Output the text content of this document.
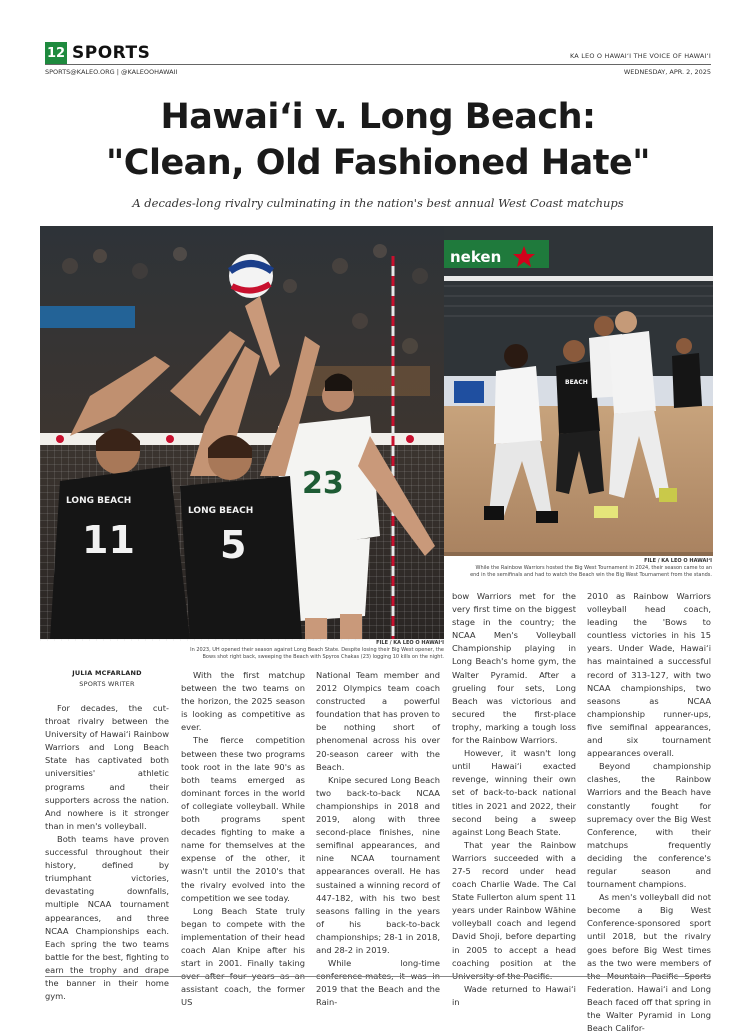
12 SPORTS	KA LEO O HAWAIʻI THE VOICE OF HAWAIʻI
SPORTS@KALEO.ORG | @KALEOOHAWAII	WEDNESDAY, APR. 2, 2025
Hawaiʻi v. Long Beach:
"Clean, Old Fashioned Hate"
A decades-long rivalry culminating in the nation's best annual West Coast matchups
23
LONG BEACH
11
LONG BEACH
5
FILE / KA LEO O HAWAIʻI
In 2023, UH opened their season against Long Beach State. Despite losing their Big West opener, the
Bows shot right back, sweeping the Beach with Spyros Chakas (23) logging 10 kills on the night.
neken
BEACH
FILE / KA LEO O HAWAIʻI
While the Rainbow Warriors hosted the Big West Tournament in 2024, their season came to an
end in the semifinals and had to watch the Beach win the Big West Tournament from the stands.
JULIA MCFARLAND
SPORTS WRITER

For decades, the cut-throat rivalry between the University of Hawaiʻi Rainbow Warriors and Long Beach State has captivated both universities' athletic programs and their supporters across the nation. And nowhere is it stronger than in men's volleyball.

Both teams have proven successful throughout their history, defined by triumphant victories, devastating downfalls, multiple NCAA tournament appearances, and three NCAA Championships each. Each spring the two teams battle for the best, fighting to earn the trophy and drape the banner in their home gym.

With the first matchup between the two teams on the horizon, the 2025 season is looking as competitive as ever.

The fierce competition between these two programs took root in the late 90's as both teams emerged as dominant forces in the world of collegiate volleyball. While both programs spent decades fighting to make a name for themselves at the expense of the other, it wasn't until the 2010's that the rivalry evolved into the competition we see today.

Long Beach State truly began to compete with the implementation of their head coach Alan Knipe after his start in 2001. Finally taking over after four years as an assistant coach, the former US

National Team member and 2012 Olympics team coach constructed a powerful foundation that has proven to be nothing short of phenomenal across his over 20-season career with the Beach.

Knipe secured Long Beach two back-to-back NCAA championships in 2018 and 2019, along with three second-place finishes, nine semifinal appearances, and nine NCAA tournament appearances overall. He has sustained a winning record of 447-182, with his two best seasons falling in the years of his back-to-back championships; 28-1 in 2018, and 28-2 in 2019.

While long-time conference-mates, it was in 2019 that the Beach and the Rain-

bow Warriors met for the very first time on the biggest stage in the country; the NCAA Men's Volleyball Championship playing in Long Beach's home gym, the Walter Pyramid. After a grueling four sets, Long Beach was victorious and secured the first-place trophy, marking a tough loss for the Rainbow Warriors.

However, it wasn't long until Hawaiʻi exacted revenge, winning their own set of back-to-back national titles in 2021 and 2022, their second being a sweep against Long Beach State.

That year the Rainbow Warriors succeeded with a 27-5 record under head coach Charlie Wade. The Cal State Fullerton alum spent 11 years under Rainbow Wāhine volleyball coach and legend David Shoji, before departing in 2005 to accept a head coaching position at the University of the Pacific.

Wade returned to Hawaiʻi in

2010 as Rainbow Warriors volleyball head coach, leading the 'Bows to countless victories in his 15 years. Under Wade, Hawaiʻi has maintained a successful record of 313-127, with two NCAA championships, two seasons as NCAA championship runner-ups, five semifinal appearances, and six tournament appearances overall.

Beyond championship clashes, the Rainbow Warriors and the Beach have constantly fought for supremacy over the Big West Conference, with their matchups frequently deciding the conference's regular season and tournament champions.

As men's volleyball did not become a Big West Conference-sponsored sport until 2018, but the rivalry goes before Big West times as the two were members of the Mountain Pacific Sports Federation. Hawaiʻi and Long Beach faced off that spring in the Walter Pyramid in Long Beach Califor-
